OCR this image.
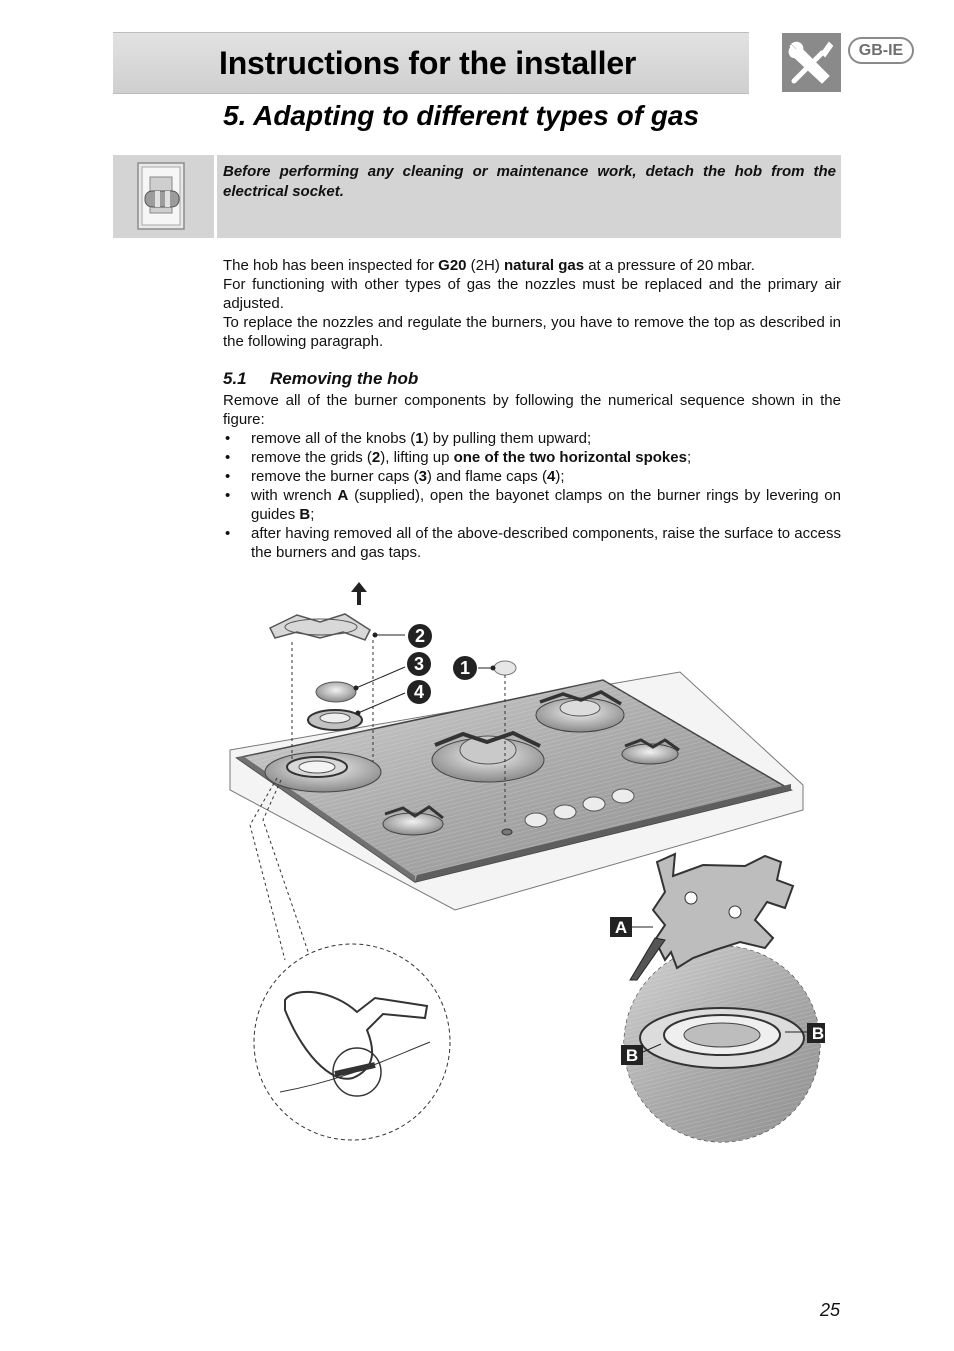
Instructions for the installer	GB-IE
5. Adapting to different types of gas
Before performing any cleaning or maintenance work, detach the hob from the electrical socket.

The hob has been inspected for G20 (2H) natural gas at a pressure of 20 mbar.

For functioning with other types of gas the nozzles must be replaced and the primary air adjusted.

To replace the nozzles and regulate the burners, you have to remove the top as described in the following paragraph.

5.1 Removing the hob

Remove all of the burner components by following the numerical sequence shown in the figure:

• remove all of the knobs (1) by pulling them upward;
• remove the grids (2), lifting up one of the two horizontal spokes;
• remove the burner caps (3) and flame caps (4);
• with wrench A (supplied), open the bayonet clamps on the burner rings by levering on guides B;
• after having removed all of the above-described components, raise the surface to access the burners and gas taps.
2
3
4
1
A
B
B
25
